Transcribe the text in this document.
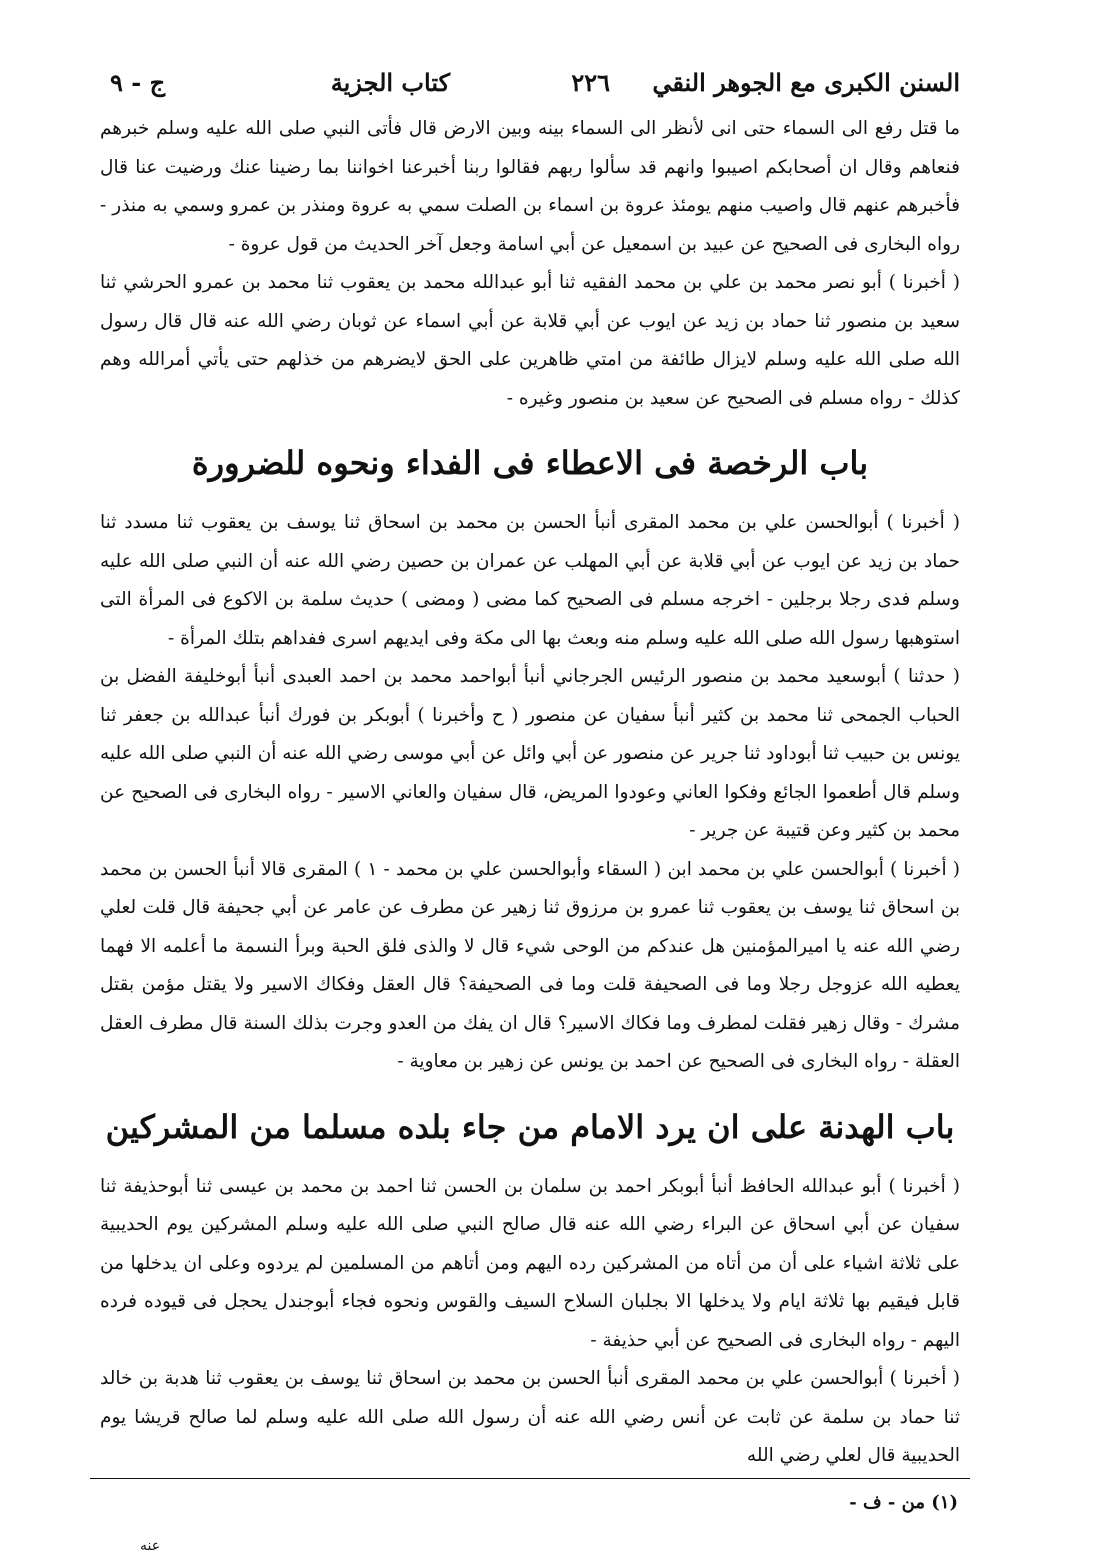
السنن الكبرى مع الجوهر النقي
٢٢٦
كتاب الجزية
ج - ٩

ما قتل رفع الى السماء حتى انى لأنظر الى السماء بينه وبين الارض قال فأتى النبي صلى الله عليه وسلم خبرهم فنعاهم وقال ان أصحابكم اصيبوا وانهم قد سألوا ربهم فقالوا ربنا أخبرعنا اخواننا بما رضينا عنك ورضيت عنا قال فأخبرهم عنهم قال واصيب منهم يومئذ عروة بن اسماء بن الصلت سمي به عروة ومنذر بن عمرو وسمي به منذر - رواه البخارى فى الصحيح عن عبيد بن اسمعيل عن أبي اسامة وجعل آخر الحديث من قول عروة -

( أخبرنا ) أبو نصر محمد بن علي بن محمد الفقيه ثنا أبو عبدالله محمد بن يعقوب ثنا محمد بن عمرو الحرشي ثنا سعيد بن منصور ثنا حماد بن زيد عن ايوب عن أبي قلابة عن أبي اسماء عن ثوبان رضي الله عنه قال قال رسول الله صلى الله عليه وسلم لايزال طائفة من امتي ظاهرين على الحق لايضرهم من خذلهم حتى يأتي أمرالله وهم كذلك - رواه مسلم فى الصحيح عن سعيد بن منصور وغيره -

باب الرخصة فى الاعطاء فى الفداء ونحوه للضرورة

( أخبرنا ) أبوالحسن علي بن محمد المقرى أنبأ الحسن بن محمد بن اسحاق ثنا يوسف بن يعقوب ثنا مسدد ثنا حماد بن زيد عن ايوب عن أبي قلابة عن أبي المهلب عن عمران بن حصين رضي الله عنه أن النبي صلى الله عليه وسلم فدى رجلا برجلين - اخرجه مسلم فى الصحيح كما مضى ( ومضى ) حديث سلمة بن الاكوع فى المرأة التى استوهبها رسول الله صلى الله عليه وسلم منه وبعث بها الى مكة وفى ايديهم اسرى ففداهم بتلك المرأة -

( حدثنا ) أبوسعيد محمد بن منصور الرئيس الجرجاني أنبأ أبواحمد محمد بن احمد العبدى أنبأ أبوخليفة الفضل بن الحباب الجمحى ثنا محمد بن كثير أنبأ سفيان عن منصور ( ح وأخبرنا ) أبوبكر بن فورك أنبأ عبدالله بن جعفر ثنا يونس بن حبيب ثنا أبوداود ثنا جرير عن منصور عن أبي وائل عن أبي موسى رضي الله عنه أن النبي صلى الله عليه وسلم قال أطعموا الجائع وفكوا العاني وعودوا المريض، قال سفيان والعاني الاسير - رواه البخارى فى الصحيح عن محمد بن كثير وعن قتيبة عن جرير -

( أخبرنا ) أبوالحسن علي بن محمد ابن ( السقاء وأبوالحسن علي بن محمد - ١ ) المقرى قالا أنبأ الحسن بن محمد بن اسحاق ثنا يوسف بن يعقوب ثنا عمرو بن مرزوق ثنا زهير عن مطرف عن عامر عن أبي جحيفة قال قلت لعلي رضي الله عنه يا اميرالمؤمنين هل عندكم من الوحى شيء قال لا والذى فلق الحبة وبرأ النسمة ما أعلمه الا فهما يعطيه الله عزوجل رجلا وما فى الصحيفة قلت وما فى الصحيفة؟ قال العقل وفكاك الاسير ولا يقتل مؤمن بقتل مشرك - وقال زهير فقلت لمطرف وما فكاك الاسير؟ قال ان يفك من العدو وجرت بذلك السنة قال مطرف العقل العقلة - رواه البخارى فى الصحيح عن احمد بن يونس عن زهير بن معاوية -

باب الهدنة على ان يرد الامام من جاء بلده مسلما من المشركين

( أخبرنا ) أبو عبدالله الحافظ أنبأ أبوبكر احمد بن سلمان بن الحسن ثنا احمد بن محمد بن عيسى ثنا أبوحذيفة ثنا سفيان عن أبي اسحاق عن البراء رضي الله عنه قال صالح النبي صلى الله عليه وسلم المشركين يوم الحديبية على ثلاثة اشياء على أن من أتاه من المشركين رده اليهم ومن أتاهم من المسلمين لم يردوه وعلى ان يدخلها من قابل فيقيم بها ثلاثة ايام ولا يدخلها الا بجلبان السلاح السيف والقوس ونحوه فجاء أبوجندل يحجل فى قيوده فرده اليهم - رواه البخارى فى الصحيح عن أبي حذيفة -

( أخبرنا ) أبوالحسن علي بن محمد المقرى أنبأ الحسن بن محمد بن اسحاق ثنا يوسف بن يعقوب ثنا هدبة بن خالد ثنا حماد بن سلمة عن ثابت عن أنس رضي الله عنه أن رسول الله صلى الله عليه وسلم لما صالح قريشا يوم الحديبية قال لعلي رضي الله

(١) من - ف -
عنه
